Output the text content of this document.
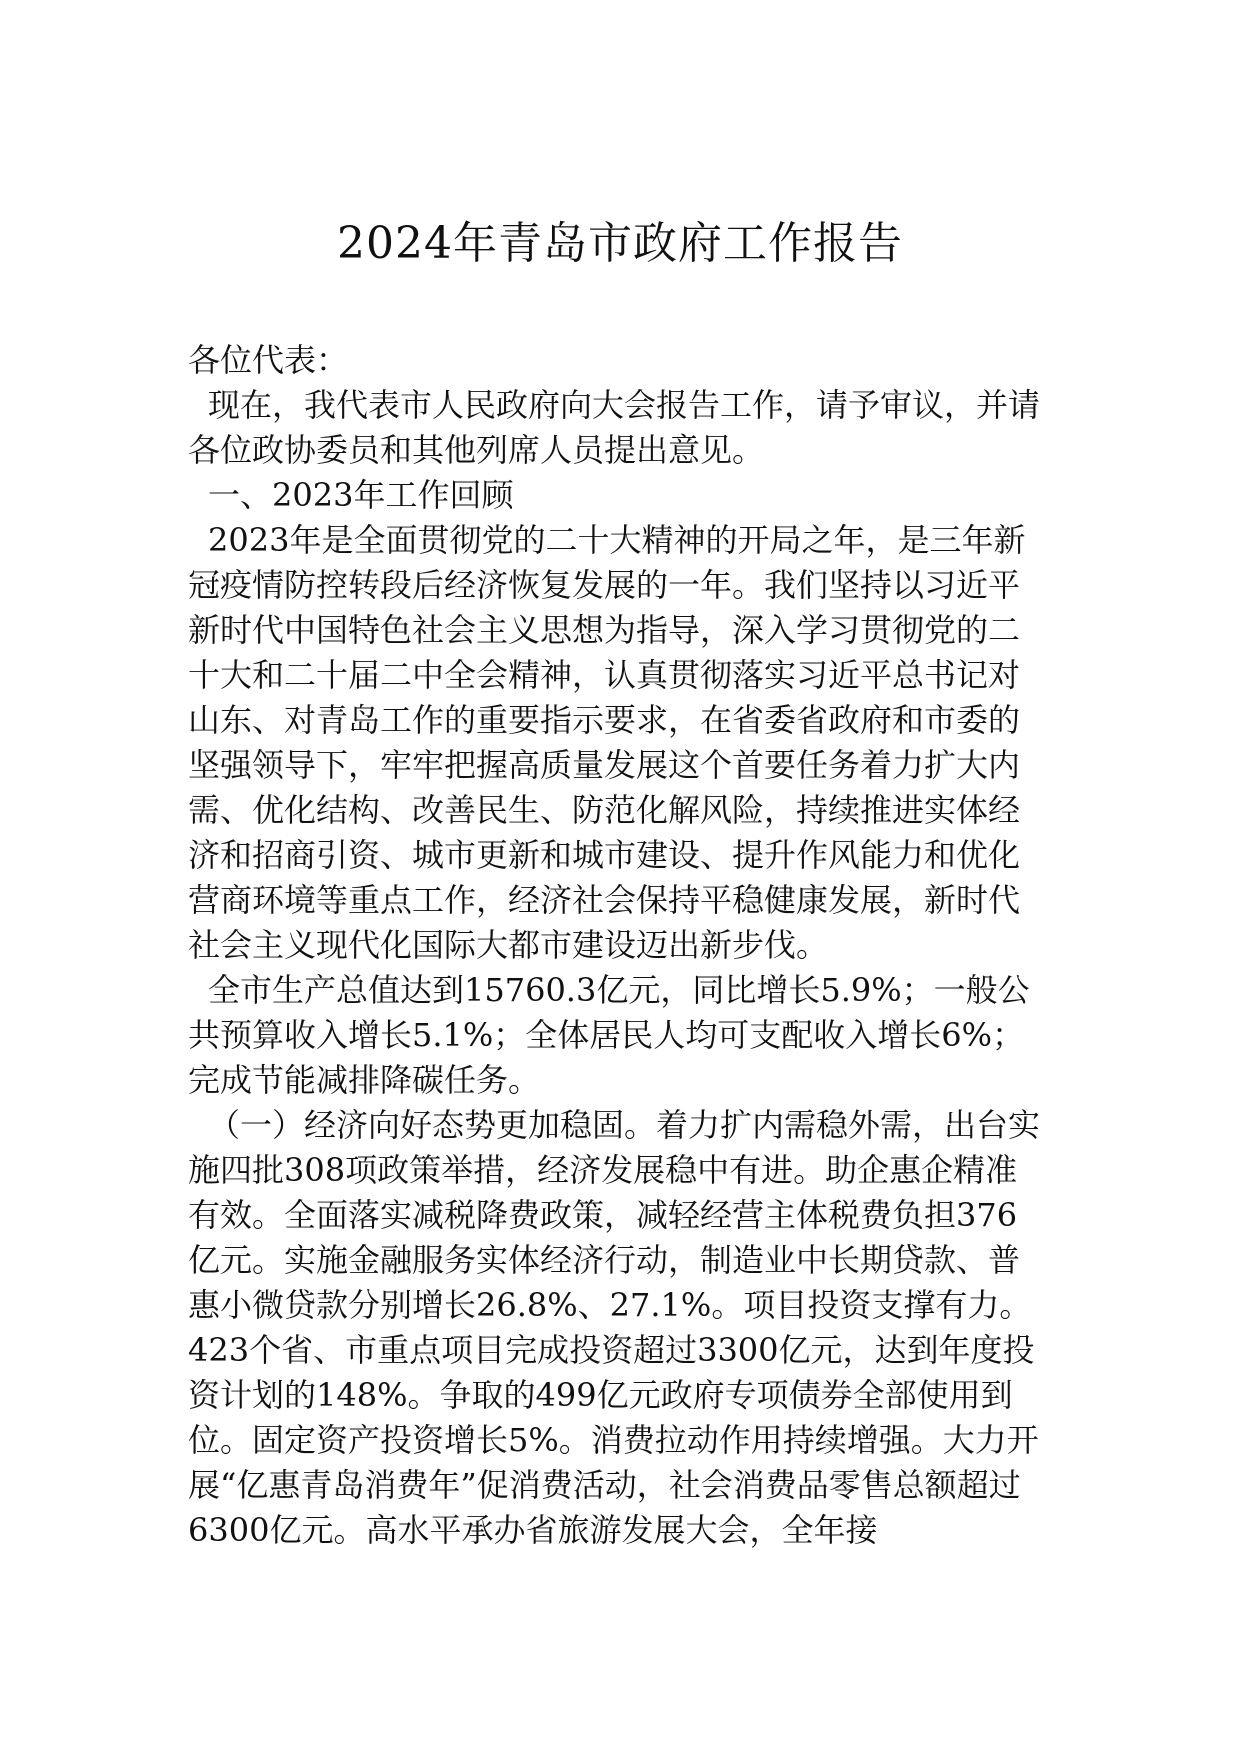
2024年青岛市政府工作报告

各位代表：

现在，我代表市人民政府向大会报告工作，请予审议，并请各位政协委员和其他列席人员提出意见。

一、2023年工作回顾

2023年是全面贯彻党的二十大精神的开局之年，是三年新冠疫情防控转段后经济恢复发展的一年。我们坚持以习近平新时代中国特色社会主义思想为指导，深入学习贯彻党的二十大和二十届二中全会精神，认真贯彻落实习近平总书记对山东、对青岛工作的重要指示要求，在省委省政府和市委的坚强领导下，牢牢把握高质量发展这个首要任务着力扩大内需、优化结构、改善民生、防范化解风险，持续推进实体经济和招商引资、城市更新和城市建设、提升作风能力和优化营商环境等重点工作，经济社会保持平稳健康发展，新时代社会主义现代化国际大都市建设迈出新步伐。

全市生产总值达到15760.3亿元，同比增长5.9%；一般公共预算收入增长5.1%；全体居民人均可支配收入增长6%；完成节能减排降碳任务。

（一）经济向好态势更加稳固。着力扩内需稳外需，出台实施四批308项政策举措，经济发展稳中有进。助企惠企精准有效。全面落实减税降费政策，减轻经营主体税费负担376亿元。实施金融服务实体经济行动，制造业中长期贷款、普惠小微贷款分别增长26.8%、27.1%。项目投资支撑有力。423个省、市重点项目完成投资超过3300亿元，达到年度投资计划的148%。争取的499亿元政府专项债券全部使用到位。固定资产投资增长5%。消费拉动作用持续增强。大力开展“亿惠青岛消费年”促消费活动，社会消费品零售总额超过6300亿元。高水平承办省旅游发展大会，全年接
